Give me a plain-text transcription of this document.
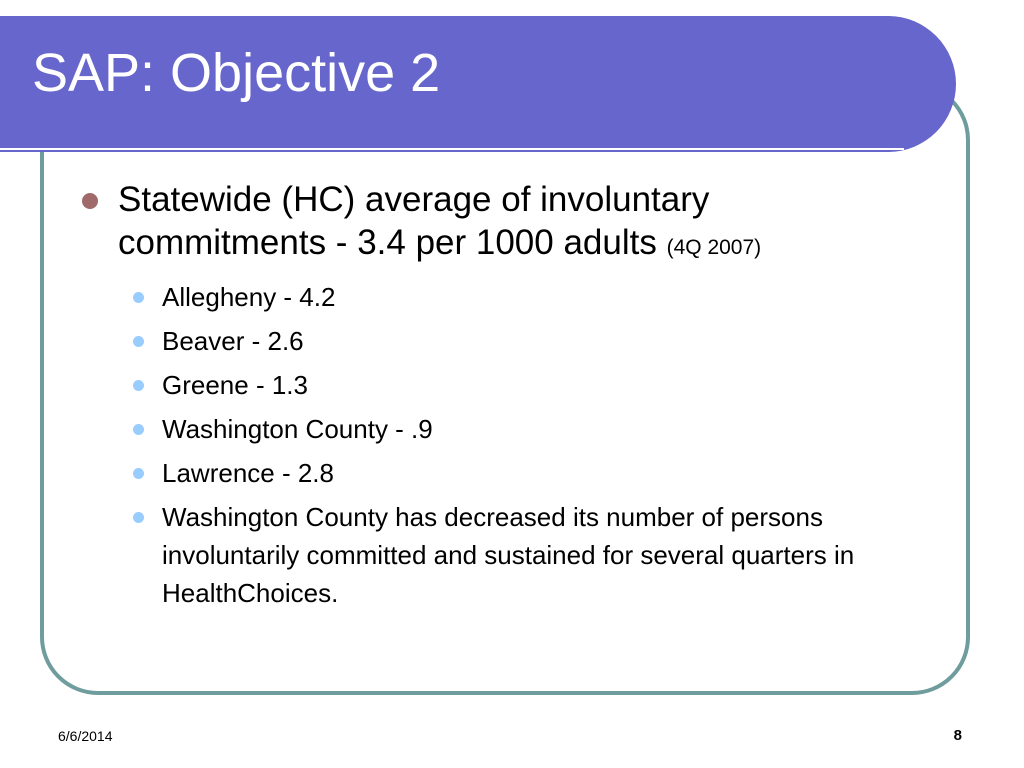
SAP: Objective 2
Statewide (HC) average of involuntary commitments - 3.4 per 1000 adults (4Q 2007)
Allegheny - 4.2
Beaver - 2.6
Greene - 1.3
Washington County - .9
Lawrence - 2.8
Washington County has decreased its number of persons involuntarily committed and sustained for several quarters in HealthChoices.
6/6/2014	8
